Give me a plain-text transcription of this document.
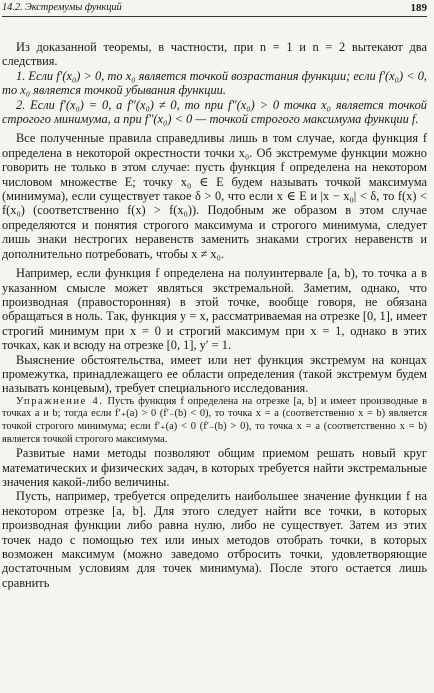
14.2. Экстремумы функций	189

Из доказанной теоремы, в частности, при n = 1 и n = 2 вытекают два следствия.

1. Если f′(x₀) > 0, то x₀ является точкой возрастания функции; если f′(x₀) < 0, то x₀ является точкой убывания функции.

2. Если f′(x₀) = 0, a f″(x₀) ≠ 0, то при f″(x₀) > 0 точка x₀ является точкой строгого минимума, а при f″(x₀) < 0 — точкой строгого максимума функции f.

Все полученные правила справедливы лишь в том случае, когда функция f определена в некоторой окрестности точки x₀. Об экстремуме функции можно говорить не только в этом случае: пусть функция f определена на некотором числовом множестве E; точку x₀ ∈ E будем называть точкой максимума (минимума), если существует такое δ > 0, что если x ∈ E и |x − x₀| < δ, то f(x) < f(x₀) (соответственно f(x) > f(x₀)). Подобным же образом в этом случае определяются и понятия строгого максимума и строгого минимума, следует лишь знаки нестрогих неравенств заменить знаками строгих неравенств и дополнительно потребовать, чтобы x ≠ x₀.

Например, если функция f определена на полуинтервале [a, b), то точка a в указанном смысле может являться экстремальной. Заметим, однако, что производная (правосторонняя) в этой точке, вообще говоря, не обязана обращаться в ноль. Так, функция y = x, рассматриваемая на отрезке [0, 1], имеет строгий минимум при x = 0 и строгий максимум при x = 1, однако в этих точках, как и всюду на отрезке [0, 1], y′ = 1.

Выяснение обстоятельства, имеет или нет функция экстремум на концах промежутка, принадлежащего ее области определения (такой экстремум будем называть концевым), требует специального исследования.

Упражнение 4. Пусть функция f определена на отрезке [a, b] и имеет производные в точках a и b; тогда если f′₊(a) > 0 (f′₋(b) < 0), то точка x = a (соответственно x = b) является точкой строгого минимума; если f′₊(a) < 0 (f′₋(b) > 0), то точка x = a (соответственно x = b) является точкой строгого максимума.

Развитые нами методы позволяют общим приемом решать новый круг математических и физических задач, в которых требуется найти экстремальные значения какой-либо величины.

Пусть, например, требуется определить наибольшее значение функции f на некотором отрезке [a, b]. Для этого следует найти все точки, в которых производная функции либо равна нулю, либо не существует. Затем из этих точек надо с помощью тех или иных методов отобрать точки, в которых возможен максимум (можно заведомо отбросить точки, удовлетворяющие достаточным условиям для точек минимума). После этого остается лишь сравнить
